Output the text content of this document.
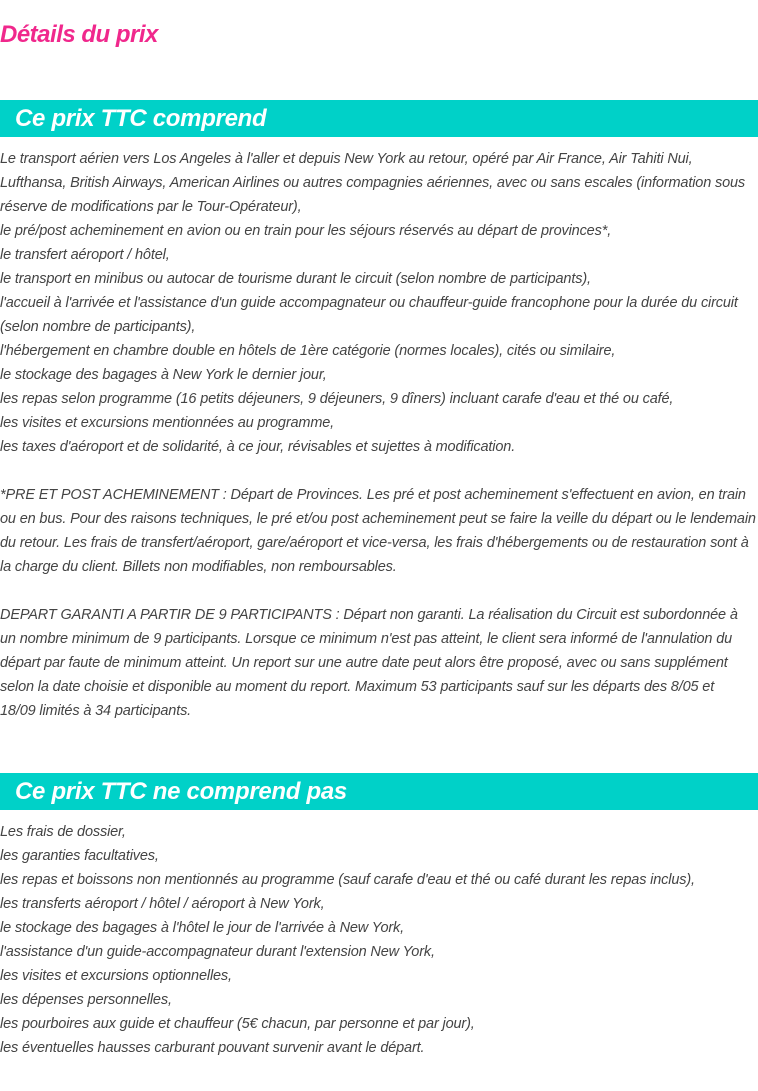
Détails du prix
Ce prix TTC comprend
Le transport aérien vers Los Angeles à l'aller et depuis New York au retour, opéré par Air France, Air Tahiti Nui,
Lufthansa, British Airways, American Airlines ou autres compagnies aériennes, avec ou sans escales (information sous
réserve de modifications par le Tour-Opérateur),
le pré/post acheminement en avion ou en train pour les séjours réservés au départ de provinces*,
le transfert aéroport / hôtel,
le transport en minibus ou autocar de tourisme durant le circuit (selon nombre de participants),
l'accueil à l'arrivée et l'assistance d'un guide accompagnateur ou chauffeur-guide francophone pour la durée du circuit
(selon nombre de participants),
l'hébergement en chambre double en hôtels de 1ère catégorie (normes locales), cités ou similaire,
le stockage des bagages à New York le dernier jour,
les repas selon programme (16 petits déjeuners, 9 déjeuners, 9 dîners) incluant carafe d'eau et thé ou café,
les visites et excursions mentionnées au programme,
les taxes d'aéroport et de solidarité, à ce jour, révisables et sujettes à modification.
*PRE ET POST ACHEMINEMENT : Départ de Provinces. Les pré et post acheminement s'effectuent en avion, en train
ou en bus. Pour des raisons techniques, le pré et/ou post acheminement peut se faire la veille du départ ou le lendemain
du retour. Les frais de transfert/aéroport, gare/aéroport et vice-versa, les frais d'hébergements ou de restauration sont à
la charge du client. Billets non modifiables, non remboursables.
DEPART GARANTI A PARTIR DE 9 PARTICIPANTS : Départ non garanti. La réalisation du Circuit est subordonnée à
un nombre minimum de 9 participants. Lorsque ce minimum n'est pas atteint, le client sera informé de l'annulation du
départ par faute de minimum atteint. Un report sur une autre date peut alors être proposé, avec ou sans supplément
selon la date choisie et disponible au moment du report. Maximum 53 participants sauf sur les départs des 8/05 et
18/09 limités à 34 participants.
Ce prix TTC ne comprend pas
Les frais de dossier,
les garanties facultatives,
les repas et boissons non mentionnés au programme (sauf carafe d'eau et thé ou café durant les repas inclus),
les transferts aéroport / hôtel / aéroport à New York,
le stockage des bagages à l'hôtel le jour de l'arrivée à New York,
l'assistance d'un guide-accompagnateur durant l'extension New York,
les visites et excursions optionnelles,
les dépenses personnelles,
les pourboires aux guide et chauffeur (5€ chacun, par personne et par jour),
les éventuelles hausses carburant pouvant survenir avant le départ.
